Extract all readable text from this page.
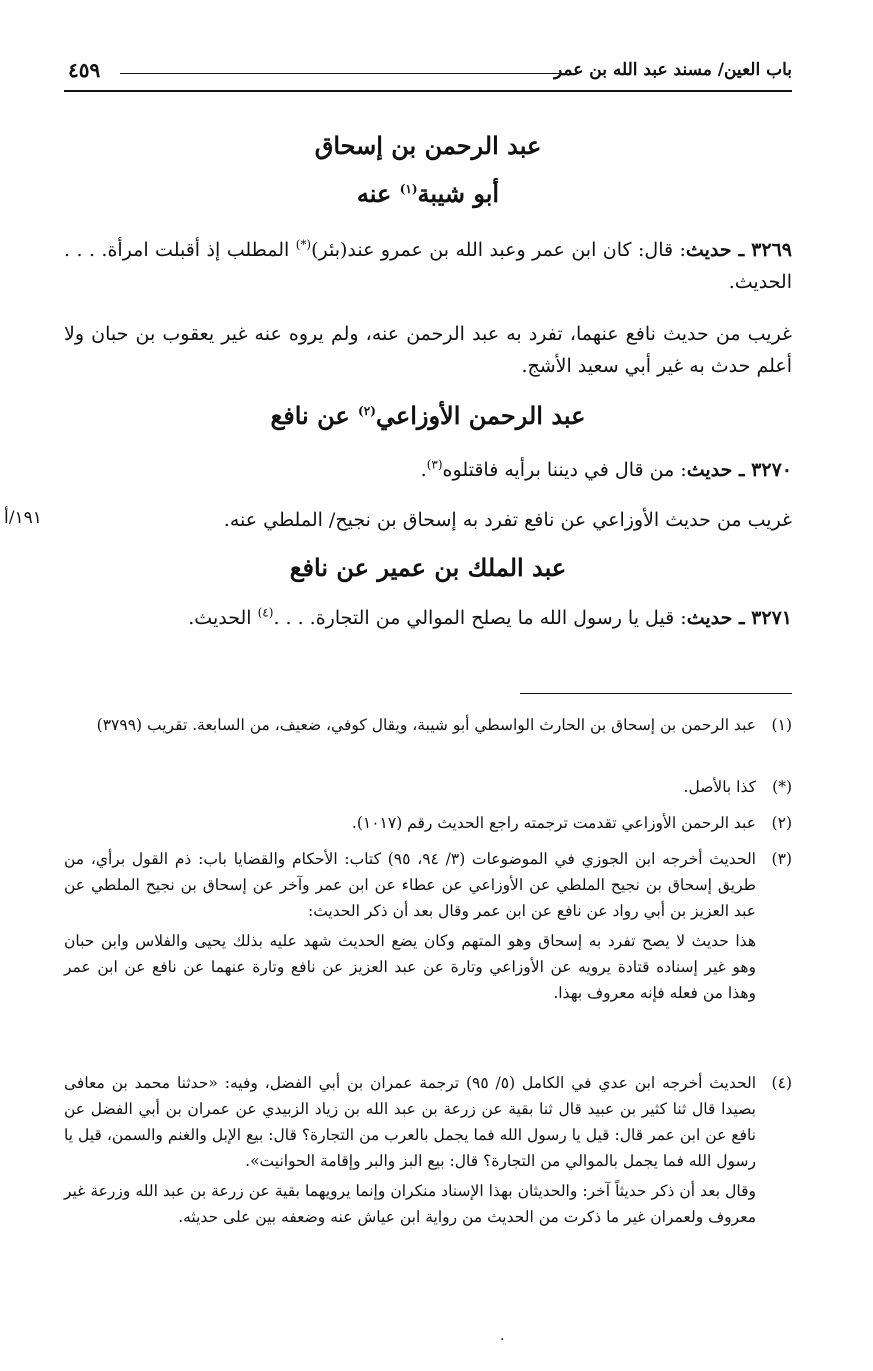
باب العين/ مسند عبد الله بن عمر
٤٥٩
عبد الرحمن بن إسحاق
أبو شيبة$^{(١)}$ عنه
٣٢٦٩ ـ حديث: قال: كان ابن عمر وعبد الله بن عمرو عند(بئر)(*) المطلب إذ أقبلت امرأة. . . . الحديث.
غريب من حديث نافع عنهما، تفرد به عبد الرحمن عنه، ولم يروه عنه غير يعقوب بن حبان ولا أعلم حدث به غير أبي سعيد الأشج.
عبد الرحمن الأوزاعي$^{(٢)}$ عن نافع
٣٢٧٠ ـ حديث: من قال في ديننا برأيه فاقتلوه$^{(٣)}$.
غريب من حديث الأوزاعي عن نافع تفرد به إسحاق بن نجيح/ الملطي عنه.
١٩١/أ
عبد الملك بن عمير عن نافع
٣٢٧١ ـ حديث: قيل يا رسول الله ما يصلح الموالي من التجارة. . . .$^{(٤)}$ الحديث.
(١)
عبد الرحمن بن إسحاق بن الحارث الواسطي أبو شيبة، ويقال كوفي، ضعيف، من السابعة. تقريب (٣٧٩٩)
(*)
كذا بالأصل.
(٢)
عبد الرحمن الأوزاعي تقدمت ترجمته راجع الحديث رقم (١٠١٧).
(٣)
الحديث أخرجه ابن الجوزي في الموضوعات (٣/ ٩٤، ٩٥) كتاب: الأحكام والقضايا باب: ذم القول برأي، من طريق إسحاق بن نجيح الملطي عن الأوزاعي عن عطاء عن ابن عمر وآخر عن إسحاق بن نجيح الملطي عن عبد العزيز بن أبي رواد عن نافع عن ابن عمر وقال بعد أن ذكر الحديث:
هذا حديث لا يصح تفرد به إسحاق وهو المتهم وكان يضع الحديث شهد عليه بذلك يحيى والفلاس وابن حبان وهو غير إسناده قتادة يرويه عن الأوزاعي وتارة عن عبد العزيز عن نافع وتارة عنهما عن نافع عن ابن عمر وهذا من فعله فإنه معروف بهذا.
(٤)
الحديث أخرجه ابن عدي في الكامل (٥/ ٩٥) ترجمة عمران بن أبي الفضل، وفيه: «حدثنا محمد بن معافى بصيدا قال ثنا كثير بن عبيد قال ثنا بقية عن زرعة بن عبد الله بن زياد الزبيدي عن عمران بن أبي الفضل عن نافع عن ابن عمر قال: قيل يا رسول الله فما يجمل بالعرب من التجارة؟ قال: بيع الإبل والغنم والسمن، قيل يا رسول الله فما يجمل بالموالي من التجارة؟ قال: بيع البز والبر وإقامة الحوانيت».
وقال بعد أن ذكر حديثاً آخر: والحديثان بهذا الإسناد منكران وإنما يرويهما بقية عن زرعة بن عبد الله وزرعة غير معروف ولعمران غير ما ذكرت من الحديث من رواية ابن عياش عنه وضعفه بين على حديثه.
.
